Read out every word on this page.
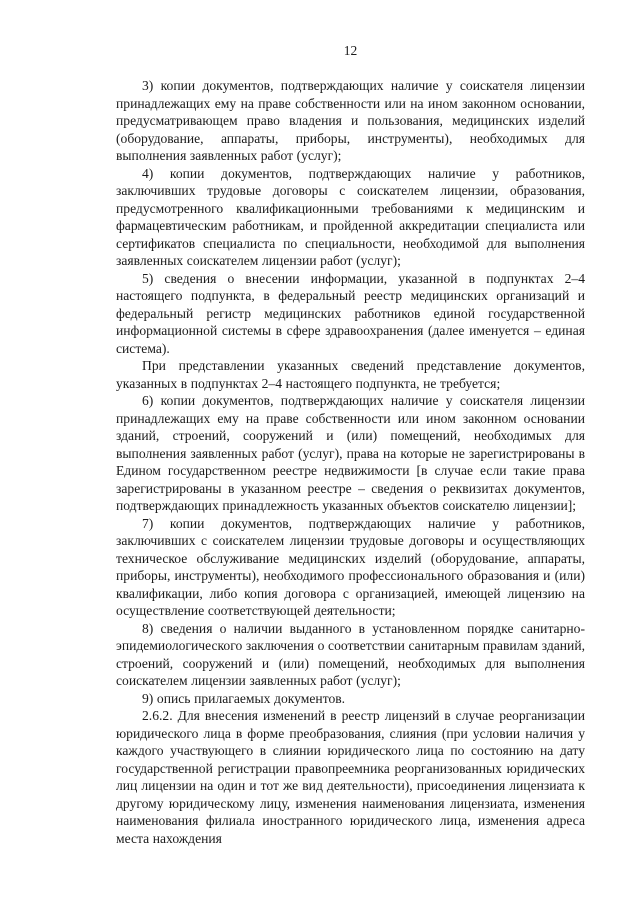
12

3) копии документов, подтверждающих наличие у соискателя лицензии принадлежащих ему на праве собственности или на ином законном основании, предусматривающем право владения и пользования, медицинских изделий (оборудование, аппараты, приборы, инструменты), необходимых для выполнения заявленных работ (услуг);

4) копии документов, подтверждающих наличие у работников, заключивших трудовые договоры с соискателем лицензии, образования, предусмотренного квалификационными требованиями к медицинским и фармацевтическим работникам, и пройденной аккредитации специалиста или сертификатов специалиста по специальности, необходимой для выполнения заявленных соискателем лицензии работ (услуг);

5) сведения о внесении информации, указанной в подпунктах 2–4 настоящего подпункта, в федеральный реестр медицинских организаций и федеральный регистр медицинских работников единой государственной информационной системы в сфере здравоохранения (далее именуется – единая система).

При представлении указанных сведений представление документов, указанных в подпунктах 2–4 настоящего подпункта, не требуется;

6) копии документов, подтверждающих наличие у соискателя лицензии принадлежащих ему на праве собственности или ином законном основании зданий, строений, сооружений и (или) помещений, необходимых для выполнения заявленных работ (услуг), права на которые не зарегистрированы в Едином государственном реестре недвижимости [в случае если такие права зарегистрированы в указанном реестре – сведения о реквизитах документов, подтверждающих принадлежность указанных объектов соискателю лицензии];

7) копии документов, подтверждающих наличие у работников, заключивших с соискателем лицензии трудовые договоры и осуществляющих техническое обслуживание медицинских изделий (оборудование, аппараты, приборы, инструменты), необходимого профессионального образования и (или) квалификации, либо копия договора с организацией, имеющей лицензию на осуществление соответствующей деятельности;

8) сведения о наличии выданного в установленном порядке санитарно-эпидемиологического заключения о соответствии санитарным правилам зданий, строений, сооружений и (или) помещений, необходимых для выполнения соискателем лицензии заявленных работ (услуг);

9) опись прилагаемых документов.

2.6.2. Для внесения изменений в реестр лицензий в случае реорганизации юридического лица в форме преобразования, слияния (при условии наличия у каждого участвующего в слиянии юридического лица по состоянию на дату государственной регистрации правопреемника реорганизованных юридических лиц лицензии на один и тот же вид деятельности), присоединения лицензиата к другому юридическому лицу, изменения наименования лицензиата, изменения наименования филиала иностранного юридического лица, изменения адреса места нахождения
